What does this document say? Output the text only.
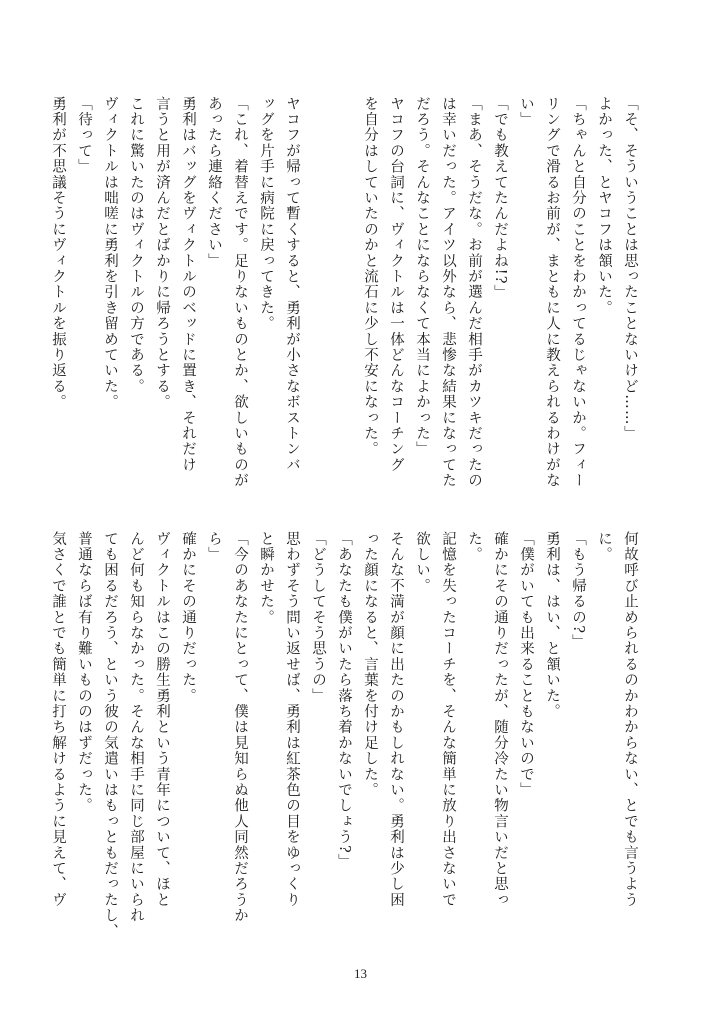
「そ、そういうことは思ったことないけど……」
よかった、とヤコフは頷いた。
「ちゃんと自分のことをわかってるじゃないか。フィー
リングで滑るお前が、まともに人に教えられるわけがな
い」
「でも教えてたんだよね!?」
「まあ、そうだな。お前が選んだ相手がカツキだったの
は幸いだった。アイツ以外なら、悲惨な結果になってた
だろう。そんなことにならなくて本当によかった」
ヤコフの台詞に、ヴィクトルは一体どんなコーチング
を自分はしていたのかと流石に少し不安になった。

ヤコフが帰って暫くすると、勇利が小さなボストンバ
ッグを片手に病院に戻ってきた。
「これ、着替えです。足りないものとか、欲しいものが
あったら連絡ください」
勇利はバッグをヴィクトルのベッドに置き、それだけ
言うと用が済んだとばかりに帰ろうとする。
これに驚いたのはヴィクトルの方である。
ヴィクトルは咄嗟に勇利を引き留めていた。
「待って」
勇利が不思議そうにヴィクトルを振り返る。
何故呼び止められるのかわからない、とでも言うよう
に。
「もう帰るの?」
勇利は、はい、と頷いた。
「僕がいても出来ることもないので」
確かにその通りだったが、随分冷たい物言いだと思っ
た。
記憶を失ったコーチを、そんな簡単に放り出さないで
欲しい。
そんな不満が顔に出たのかもしれない。勇利は少し困
った顔になると、言葉を付け足した。
「あなたも僕がいたら落ち着かないでしょう?」
「どうしてそう思うの」
思わずそう問い返せば、勇利は紅茶色の目をゆっくり
と瞬かせた。
「今のあなたにとって、僕は見知らぬ他人同然だろうか
ら」
確かにその通りだった。
ヴィクトルはこの勝生勇利という青年について、ほと
んど何も知らなかった。そんな相手に同じ部屋にいられ
ても困るだろう、という彼の気遣いはもっともだったし、
普通ならば有り難いもののはずだった。
気さくで誰とでも簡単に打ち解けるように見えて、ヴ
13
